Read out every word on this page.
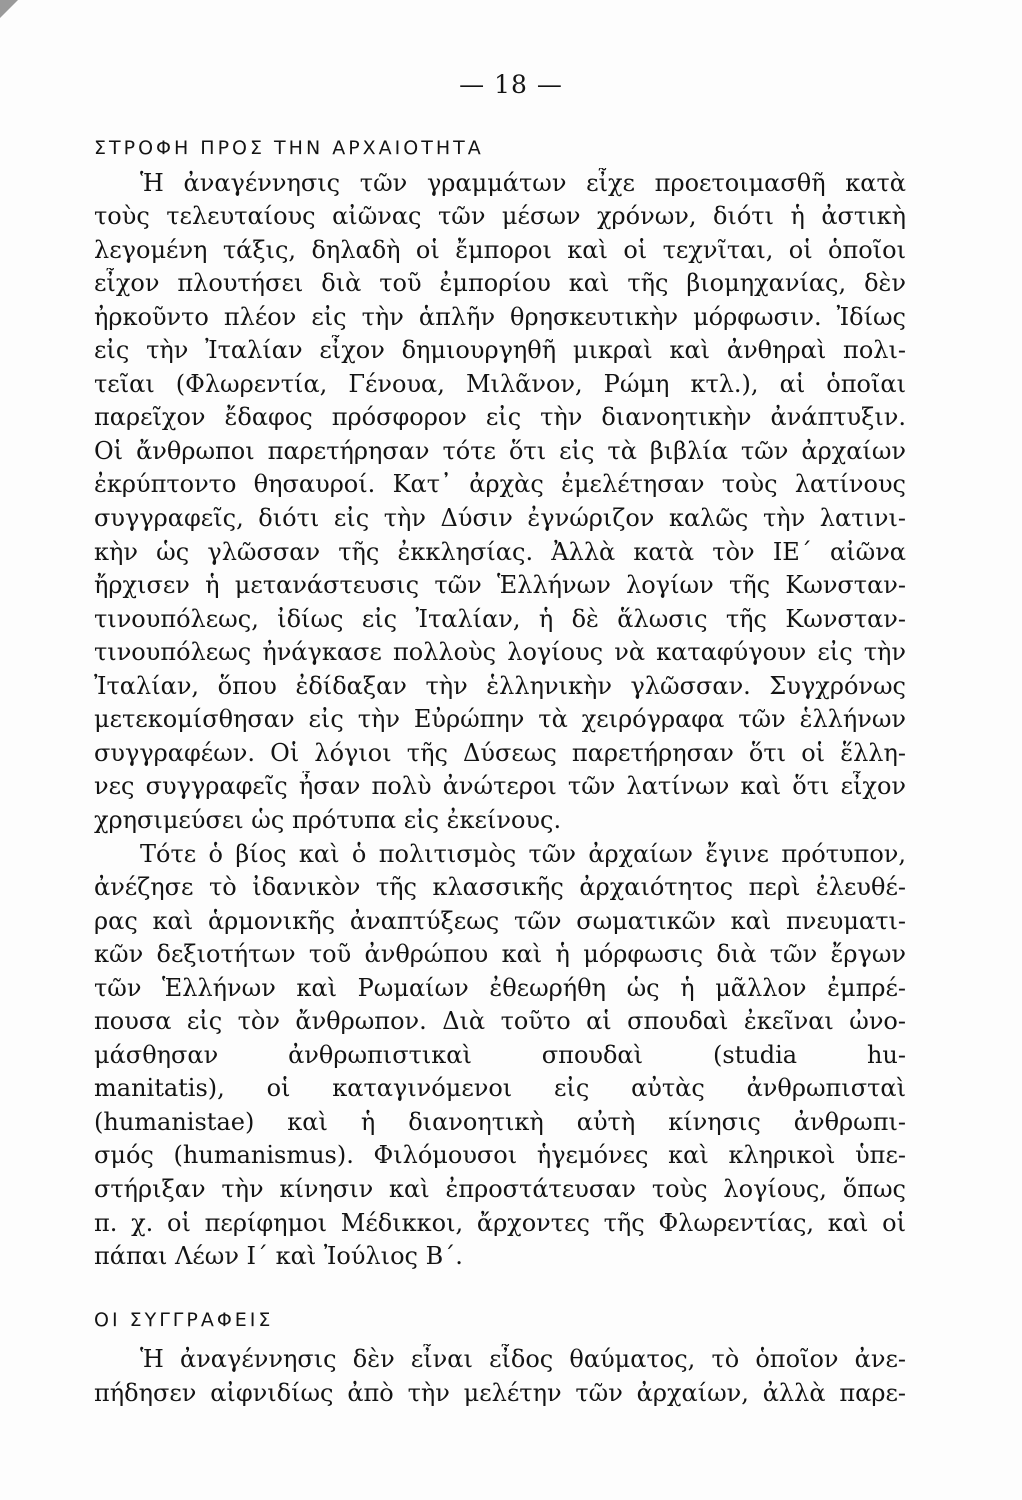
— 18 —
ΣΤΡΟΦΗ ΠΡΟΣ ΤΗΝ ΑΡΧΑΙΟΤΗΤΑ
Ἡ ἀναγέννησις τῶν γραμμάτων εἶχε προετοιμασθῆ κατὰ
τοὺς τελευταίους αἰῶνας τῶν μέσων χρόνων, διότι ἡ ἀστικὴ
λεγομένη τάξις, δηλαδὴ οἱ ἔμποροι καὶ οἱ τεχνῖται, οἱ ὁποῖοι
εἶχον πλουτήσει διὰ τοῦ ἐμπορίου καὶ τῆς βιομηχανίας, δὲν
ἠρκοῦντο πλέον εἰς τὴν ἁπλῆν θρησκευτικὴν μόρφωσιν. Ἰδίως
εἰς τὴν Ἰταλίαν εἶχον δημιουργηθῆ μικραὶ καὶ ἀνθηραὶ πολι-
τεῖαι (Φλωρεντία, Γένουα, Μιλᾶνον, Ρώμη κτλ.), αἱ ὁποῖαι
παρεῖχον ἔδαφος πρόσφορον εἰς τὴν διανοητικὴν ἀνάπτυξιν.
Οἱ ἄνθρωποι παρετήρησαν τότε ὅτι εἰς τὰ βιβλία τῶν ἀρχαίων
ἐκρύπτοντο θησαυροί. Κατ᾽ ἀρχὰς ἐμελέτησαν τοὺς λατίνους
συγγραφεῖς, διότι εἰς τὴν Δύσιν ἐγνώριζον καλῶς τὴν λατινι-
κὴν ὡς γλῶσσαν τῆς ἐκκλησίας. Ἀλλὰ κατὰ τὸν ΙΕ΄ αἰῶνα
ἤρχισεν ἡ μετανάστευσις τῶν Ἑλλήνων λογίων τῆς Κωνσταν-
τινουπόλεως, ἰδίως εἰς Ἰταλίαν, ἡ δὲ ἅλωσις τῆς Κωνσταν-
τινουπόλεως ἠνάγκασε πολλοὺς λογίους νὰ καταφύγουν εἰς τὴν
Ἰταλίαν, ὅπου ἐδίδαξαν τὴν ἑλληνικὴν γλῶσσαν. Συγχρόνως
μετεκομίσθησαν εἰς τὴν Εὐρώπην τὰ χειρόγραφα τῶν ἑλλήνων
συγγραφέων. Οἱ λόγιοι τῆς Δύσεως παρετήρησαν ὅτι οἱ ἕλλη-
νες συγγραφεῖς ἦσαν πολὺ ἀνώτεροι τῶν λατίνων καὶ ὅτι εἶχον
χρησιμεύσει ὡς πρότυπα εἰς ἐκείνους.
Τότε ὁ βίος καὶ ὁ πολιτισμὸς τῶν ἀρχαίων ἔγινε πρότυπον,
ἀνέζησε τὸ ἰδανικὸν τῆς κλασσικῆς ἀρχαιότητος περὶ ἐλευθέ-
ρας καὶ ἁρμονικῆς ἀναπτύξεως τῶν σωματικῶν καὶ πνευματι-
κῶν δεξιοτήτων τοῦ ἀνθρώπου καὶ ἡ μόρφωσις διὰ τῶν ἔργων
τῶν Ἑλλήνων καὶ Ρωμαίων ἐθεωρήθη ὡς ἡ μᾶλλον ἐμπρέ-
πουσα εἰς τὸν ἄνθρωπον. Διὰ τοῦτο αἱ σπουδαὶ ἐκεῖναι ὠνο-
μάσθησαν ἀνθρωπιστικαὶ σπουδαὶ (studia hu-
manitatis), οἱ καταγινόμενοι εἰς αὐτὰς ἀνθρωπισταὶ
(humanistae) καὶ ἡ διανοητικὴ αὐτὴ κίνησις ἀνθρωπι-
σμός (humanismus). Φιλόμουσοι ἡγεμόνες καὶ κληρικοὶ ὑπε-
στήριξαν τὴν κίνησιν καὶ ἐπροστάτευσαν τοὺς λογίους, ὅπως
π. χ. οἱ περίφημοι Μέδικκοι, ἄρχοντες τῆς Φλωρεντίας, καὶ οἱ
πάπαι Λέων Ι΄ καὶ Ἰούλιος Β΄.
ΟΙ ΣΥΓΓΡΑΦΕΙΣ
Ἡ ἀναγέννησις δὲν εἶναι εἶδος θαύματος, τὸ ὁποῖον ἀνε-
πήδησεν αἰφνιδίως ἀπὸ τὴν μελέτην τῶν ἀρχαίων, ἀλλὰ παρε-
